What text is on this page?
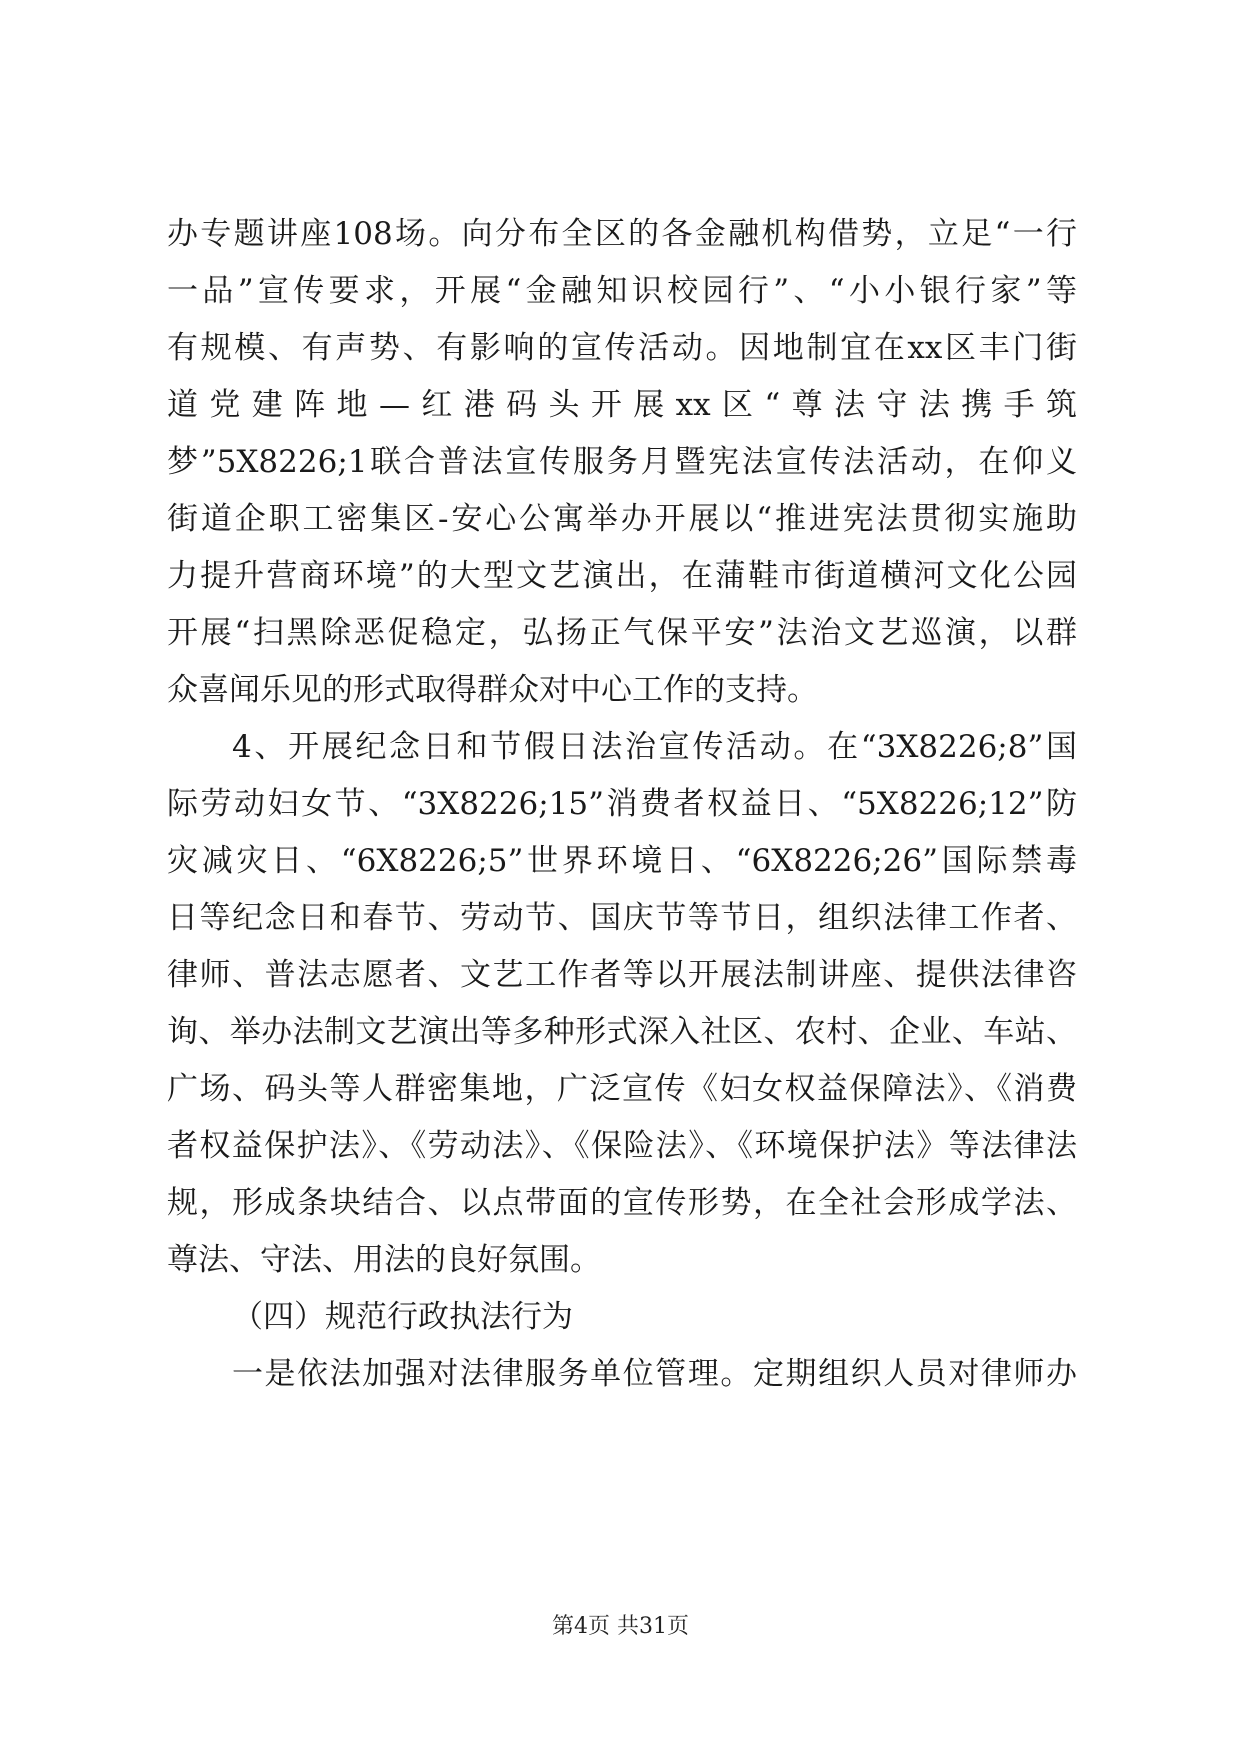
办专题讲座108场。向分布全区的各金融机构借势，立足“一行
一品”宣传要求，开展“金融知识校园行”、“小小银行家”等
有规模、有声势、有影响的宣传活动。因地制宜在xx区丰门街
道党建阵地—红港码头开展xx区“尊法守法携手筑
梦”5X8226;1联合普法宣传服务月暨宪法宣传法活动，在仰义
街道企职工密集区-安心公寓举办开展以“推进宪法贯彻实施助
力提升营商环境”的大型文艺演出，在蒲鞋市街道横河文化公园
开展“扫黑除恶促稳定，弘扬正气保平安”法治文艺巡演，以群
众喜闻乐见的形式取得群众对中心工作的支持。
4、开展纪念日和节假日法治宣传活动。在“3X8226;8”国
际劳动妇女节、“3X8226;15”消费者权益日、“5X8226;12”防
灾减灾日、“6X8226;5”世界环境日、“6X8226;26”国际禁毒
日等纪念日和春节、劳动节、国庆节等节日，组织法律工作者、
律师、普法志愿者、文艺工作者等以开展法制讲座、提供法律咨
询、举办法制文艺演出等多种形式深入社区、农村、企业、车站、
广场、码头等人群密集地，广泛宣传《妇女权益保障法》、《消费
者权益保护法》、《劳动法》、《保险法》、《环境保护法》等法律法
规，形成条块结合、以点带面的宣传形势，在全社会形成学法、
尊法、守法、用法的良好氛围。
（四）规范行政执法行为
一是依法加强对法律服务单位管理。定期组织人员对律师办
第4页 共31页
